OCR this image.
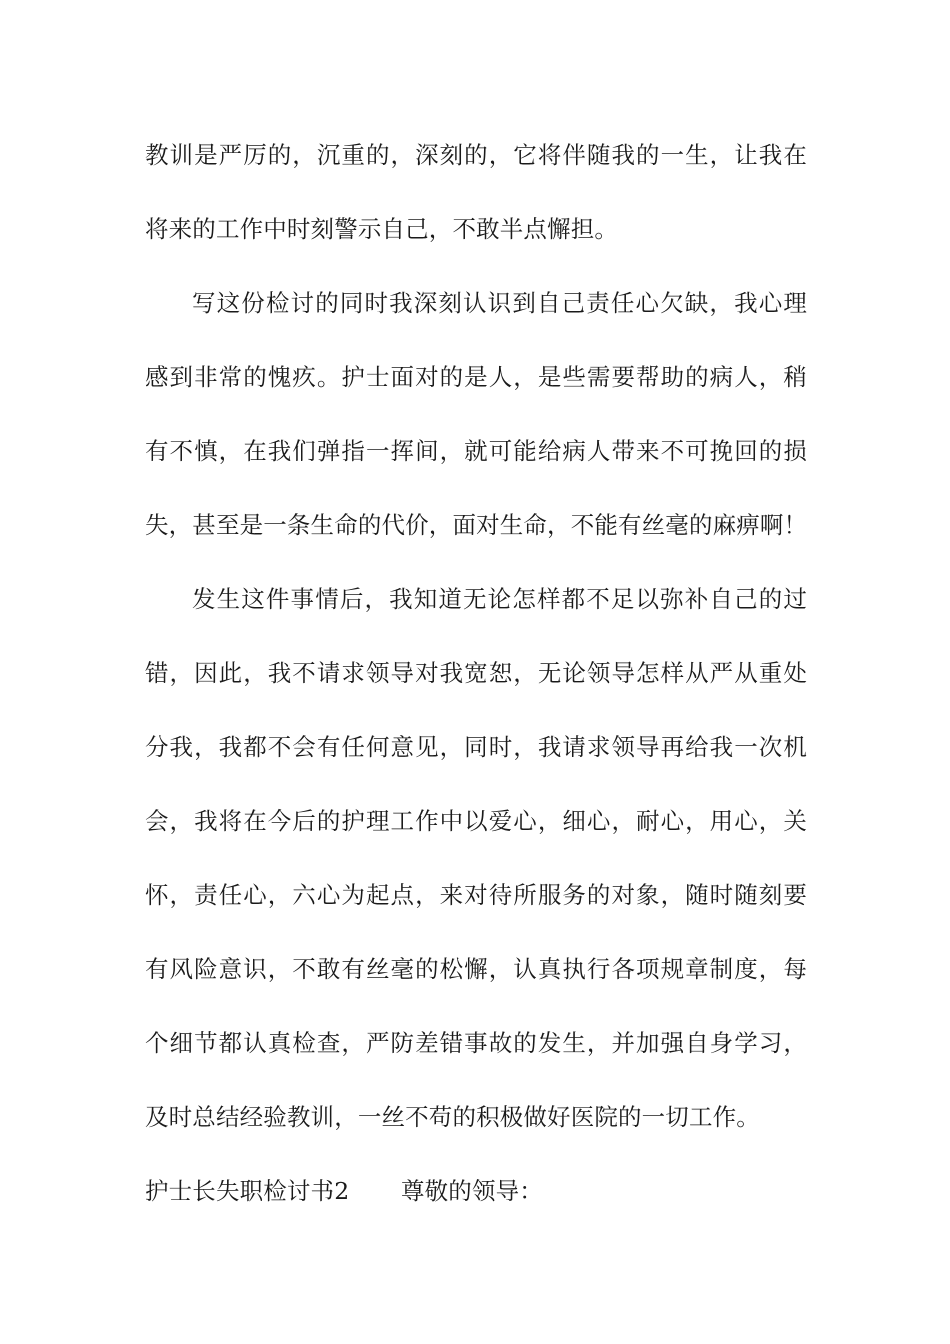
教训是严厉的，沉重的，深刻的，它将伴随我的一生，让我在
将来的工作中时刻警示自己，不敢半点懈担。
写这份检讨的同时我深刻认识到自己责任心欠缺，我心理
感到非常的愧疚。护士面对的是人，是些需要帮助的病人，稍
有不慎，在我们弹指一挥间，就可能给病人带来不可挽回的损
失，甚至是一条生命的代价，面对生命，不能有丝毫的麻痹啊！
发生这件事情后，我知道无论怎样都不足以弥补自己的过
错，因此，我不请求领导对我宽恕，无论领导怎样从严从重处
分我，我都不会有任何意见，同时，我请求领导再给我一次机
会，我将在今后的护理工作中以爱心，细心，耐心，用心，关
怀，责任心，六心为起点，来对待所服务的对象，随时随刻要
有风险意识，不敢有丝毫的松懈，认真执行各项规章制度，每
个细节都认真检查，严防差错事故的发生，并加强自身学习，
及时总结经验教训，一丝不苟的积极做好医院的一切工作。
护士长失职检讨书2	尊敬的领导：
